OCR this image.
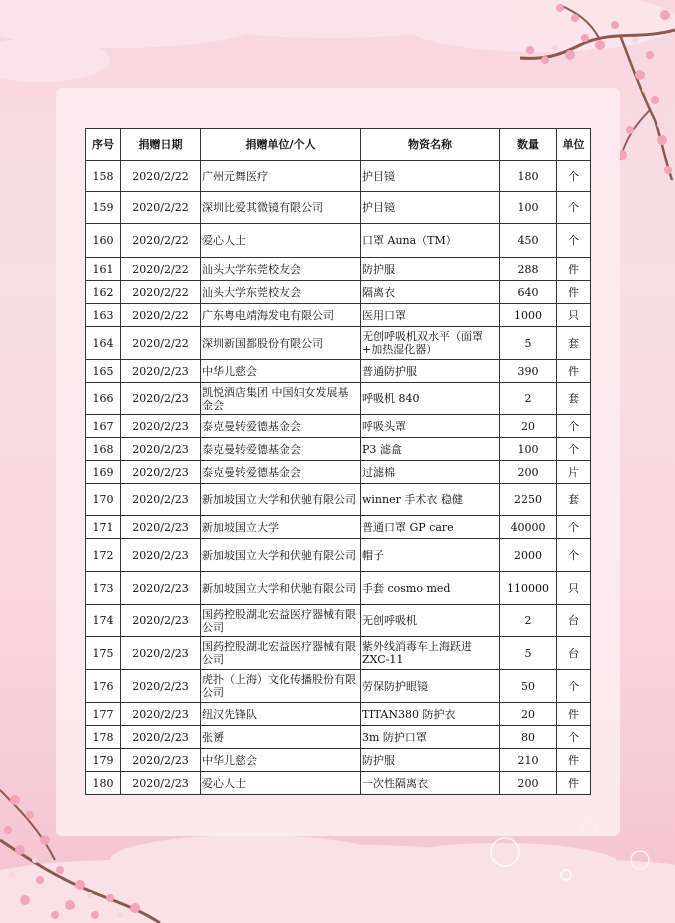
序号	捐赠日期	捐赠单位/个人	物资名称	数量	单位
158	2020/2/22	广州元舞医疗	护目镜	180	个
159	2020/2/22	深圳比爱其微镜有限公司	护目镜	100	个
160	2020/2/22	爱心人士	口罩 Auna（TM）	450	个
161	2020/2/22	汕头大学东莞校友会	防护服	288	件
162	2020/2/22	汕头大学东莞校友会	隔离衣	640	件
163	2020/2/22	广东粤电靖海发电有限公司	医用口罩	1000	只
164	2020/2/22	深圳新国都股份有限公司	无创呼吸机双水平（面罩+加热湿化器）	5	套
165	2020/2/23	中华儿慈会	普通防护服	390	件
166	2020/2/23	凯悦酒店集团 中国妇女发展基金会	呼吸机 840	2	套
167	2020/2/23	泰克曼转爱德基金会	呼吸头罩	20	个
168	2020/2/23	泰克曼转爱德基金会	P3 滤盒	100	个
169	2020/2/23	泰克曼转爱德基金会	过滤棉	200	片
170	2020/2/23	新加坡国立大学和伏驰有限公司	winner 手术衣 稳健	2250	套
171	2020/2/23	新加坡国立大学	普通口罩 GP care	40000	个
172	2020/2/23	新加坡国立大学和伏驰有限公司	帽子	2000	个
173	2020/2/23	新加坡国立大学和伏驰有限公司	手套 cosmo med	110000	只
174	2020/2/23	国药控股湖北宏益医疗器械有限公司	无创呼吸机	2	台
175	2020/2/23	国药控股湖北宏益医疗器械有限公司	紫外线消毒车上海跃进 ZXC-11	5	台
176	2020/2/23	虎扑（上海）文化传播股份有限公司	劳保防护眼镜	50	个
177	2020/2/23	纽汉先锋队	TITAN380 防护衣	20	件
178	2020/2/23	张赟	3m 防护口罩	80	个
179	2020/2/23	中华儿慈会	防护服	210	件
180	2020/2/23	爱心人士	一次性隔离衣	200	件
